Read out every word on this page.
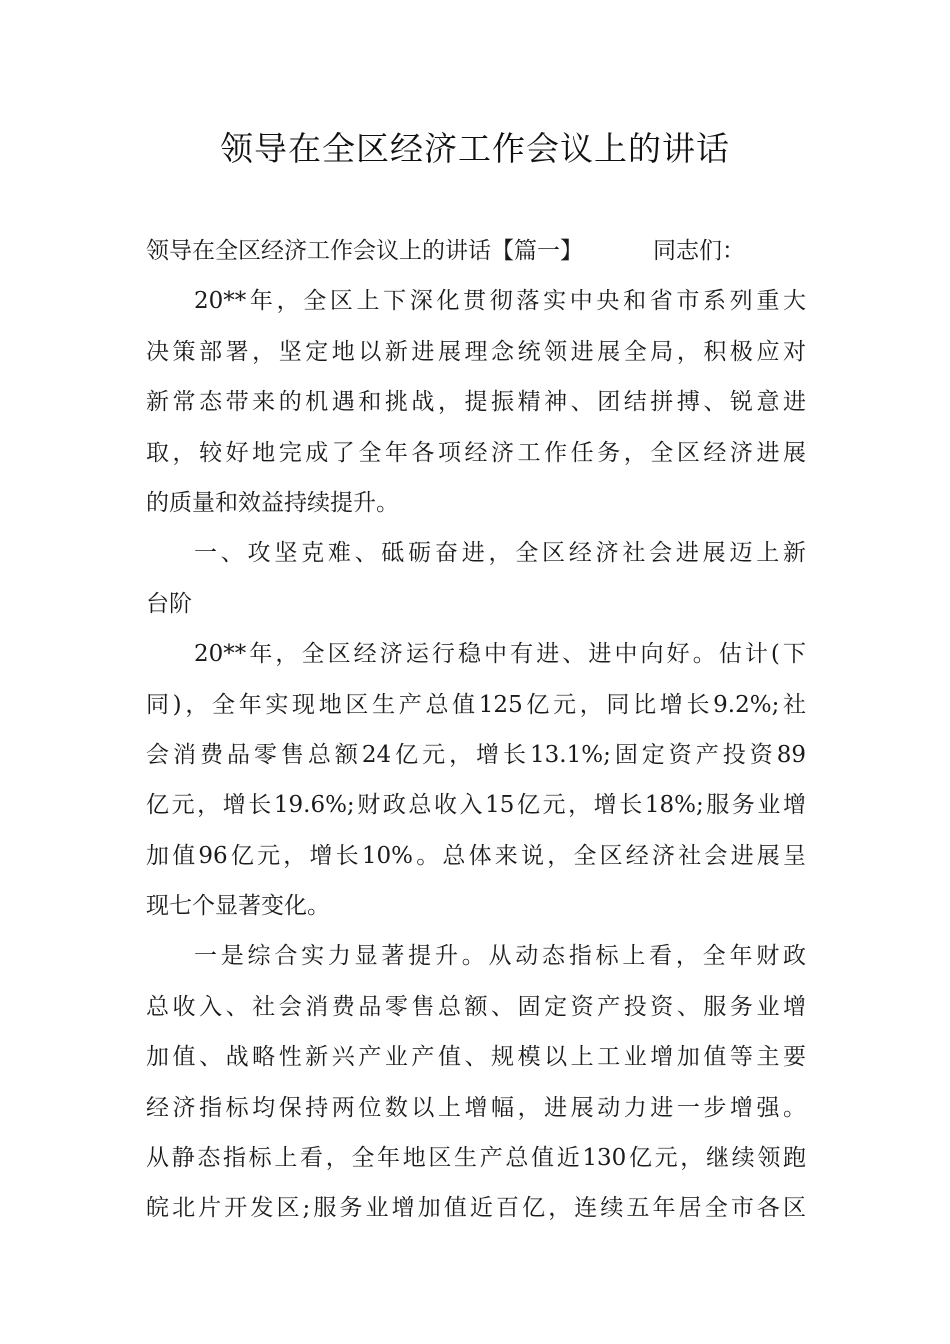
领导在全区经济工作会议上的讲话
领导在全区经济工作会议上的讲话【篇一】	同志们：
20**年，全区上下深化贯彻落实中央和省市系列重大
决策部署，坚定地以新进展理念统领进展全局，积极应对
新常态带来的机遇和挑战，提振精神、团结拼搏、锐意进
取，较好地完成了全年各项经济工作任务，全区经济进展
的质量和效益持续提升。
一、攻坚克难、砥砺奋进，全区经济社会进展迈上新
台阶
20**年，全区经济运行稳中有进、进中向好。估计(下
同)，全年实现地区生产总值125亿元，同比增长9.2%;社
会消费品零售总额24亿元，增长13.1%;固定资产投资89
亿元，增长19.6%;财政总收入15亿元，增长18%;服务业增
加值96亿元，增长10%。总体来说，全区经济社会进展呈
现七个显著变化。
一是综合实力显著提升。从动态指标上看，全年财政
总收入、社会消费品零售总额、固定资产投资、服务业增
加值、战略性新兴产业产值、规模以上工业增加值等主要
经济指标均保持两位数以上增幅，进展动力进一步增强。
从静态指标上看，全年地区生产总值近130亿元，继续领跑
皖北片开发区;服务业增加值近百亿，连续五年居全市各区
